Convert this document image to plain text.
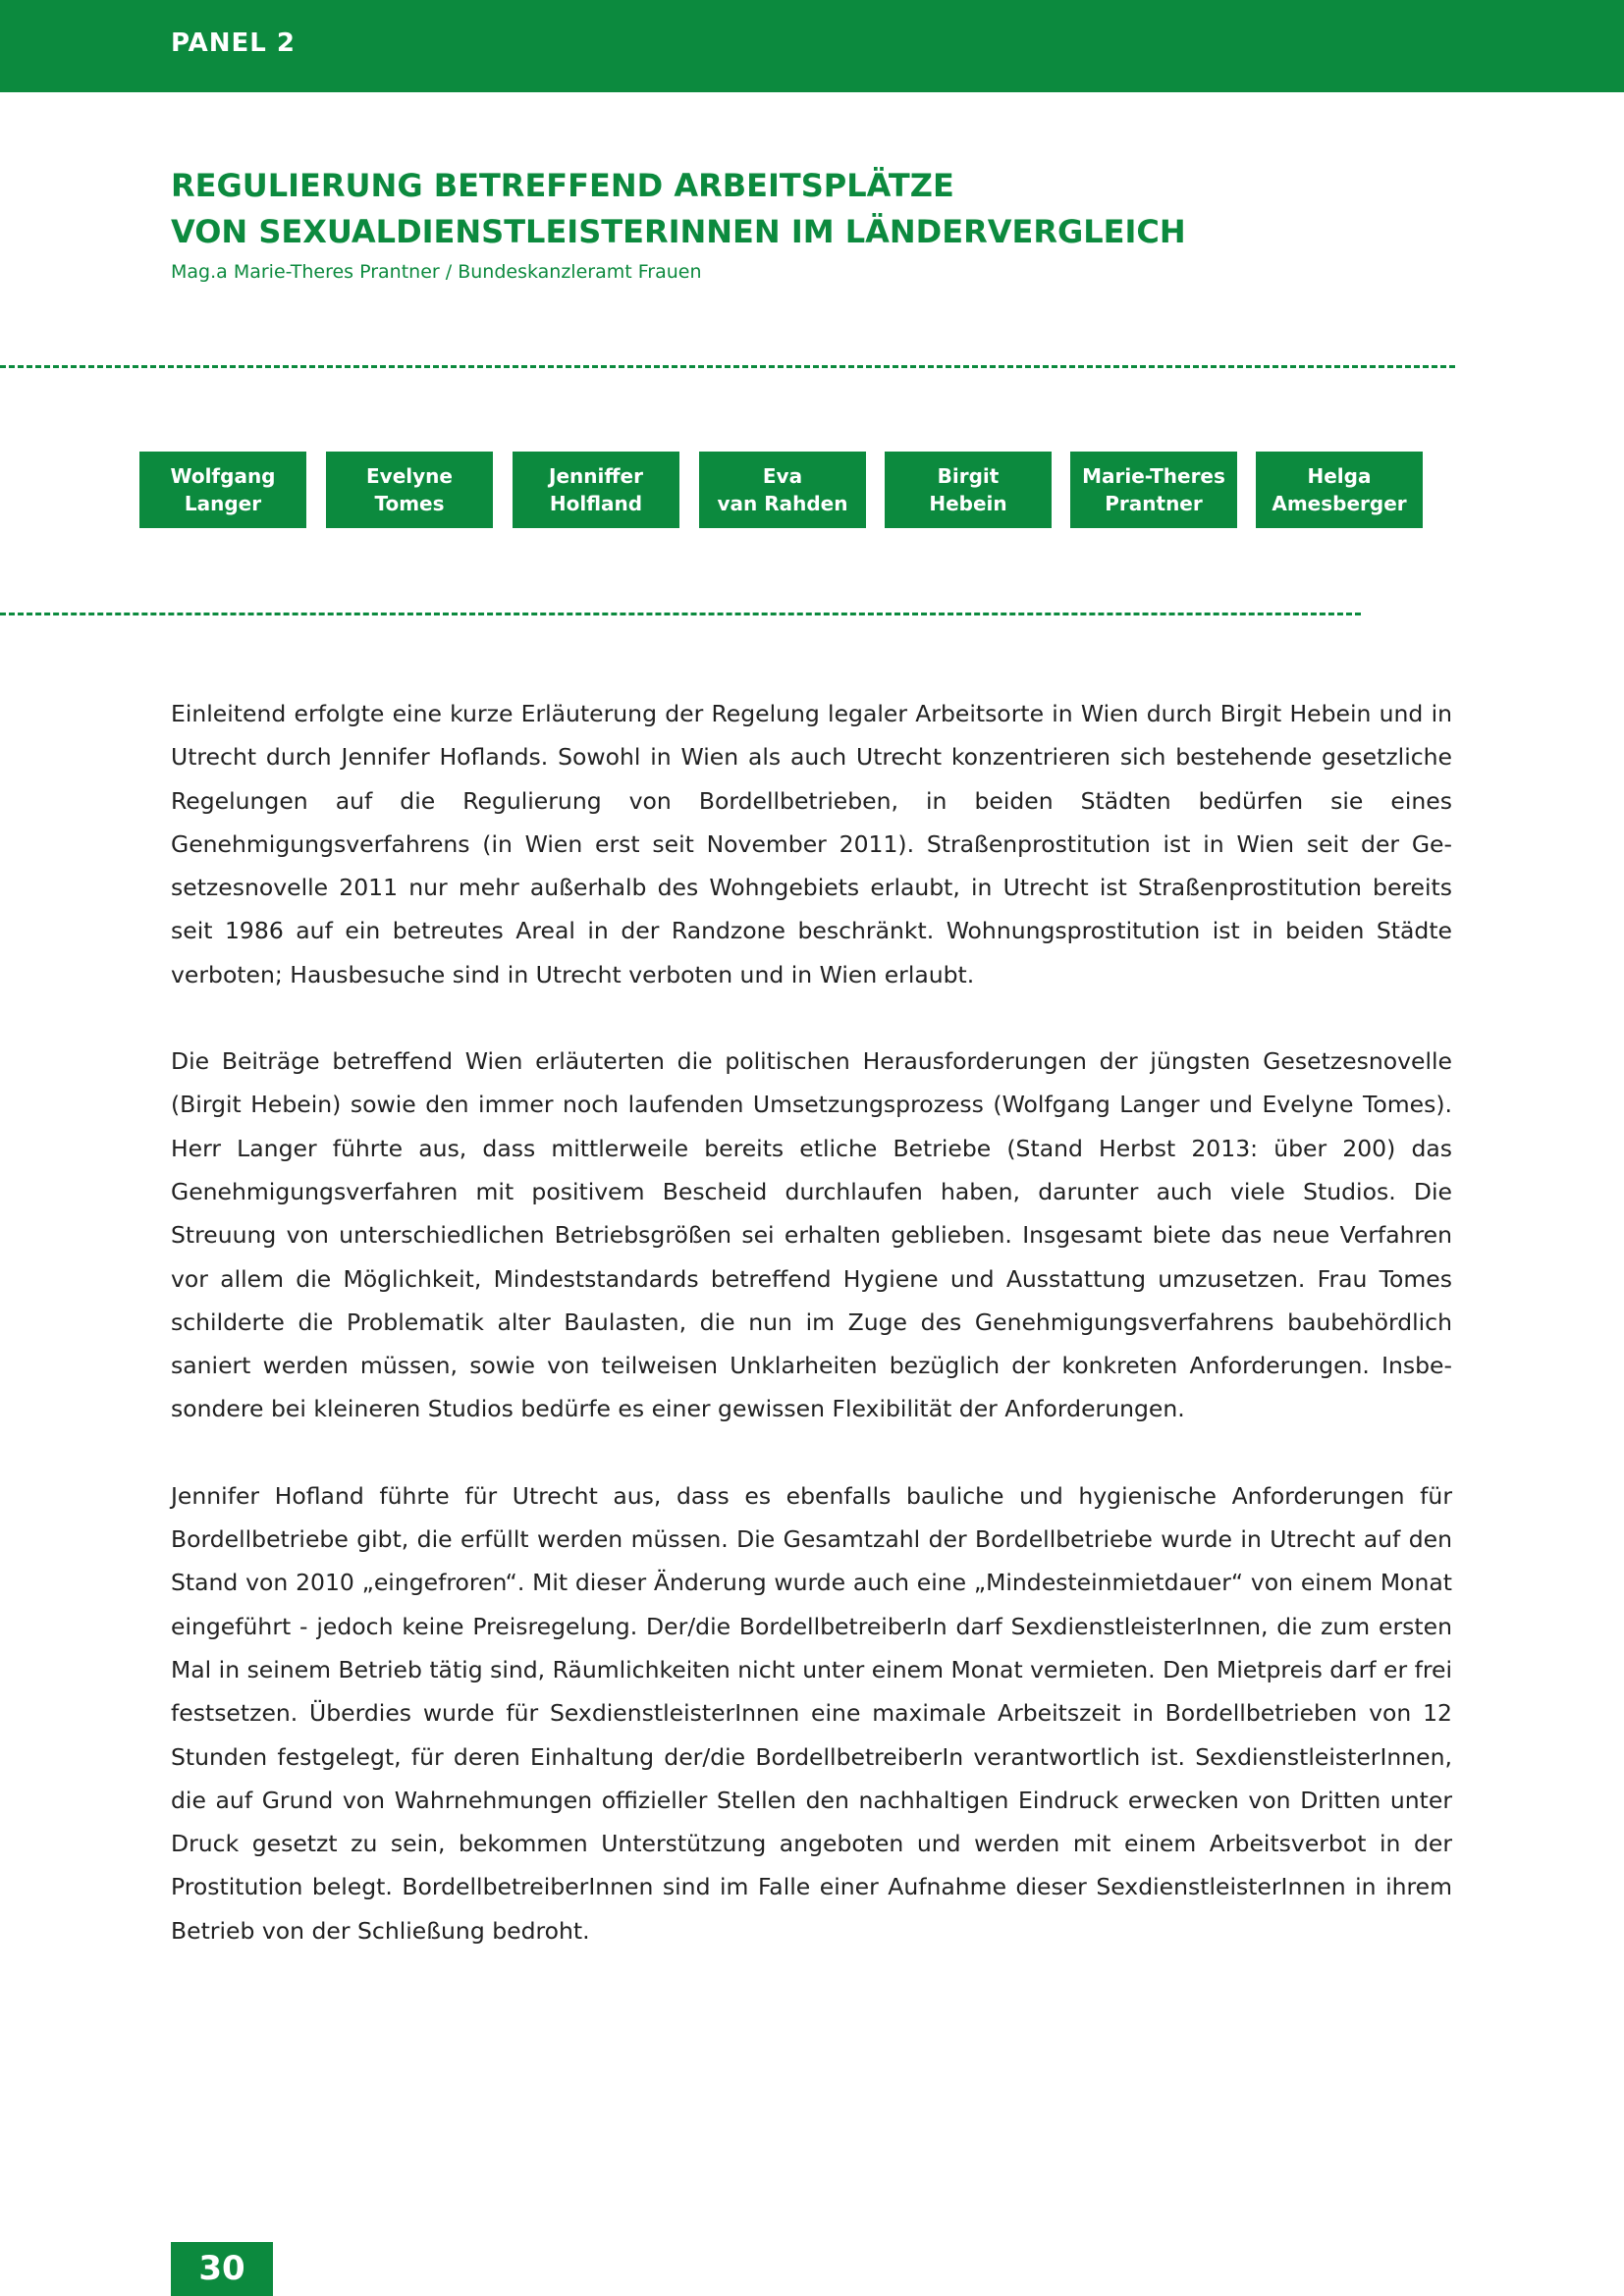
PANEL 2
REGULIERUNG BETREFFEND ARBEITSPLÄTZE
VON SEXUALDIENSTLEISTERINNEN IM LÄNDERVERGLEICH
Mag.a Marie-Theres Prantner / Bundeskanzleramt Frauen
Wolfgang
Langer
Evelyne
Tomes
Jenniffer
Holfland
Eva
van Rahden
Birgit
Hebein
Marie-Theres
Prantner
Helga
Amesberger

Einleitend erfolgte eine kurze Erläuterung der Regelung legaler Arbeitsorte in Wien durch Birgit Hebein und in Utrecht durch Jennifer Hoflands. Sowohl in Wien als auch Utrecht konzentrieren sich bestehende gesetzliche Regelungen auf die Regulierung von Bordellbetrieben, in beiden Städten bedürfen sie eines Genehmigungsverfahrens (in Wien erst seit November 2011). Straßenprostitution ist in Wien seit der Gesetzesnovelle 2011 nur mehr außerhalb des Wohngebiets erlaubt, in Utrecht ist Straßenprostitution bereits seit 1986 auf ein betreutes Areal in der Randzone beschränkt. Wohnungsprostitution ist in beiden Städte verboten; Hausbesuche sind in Utrecht verboten und in Wien erlaubt.

Die Beiträge betreffend Wien erläuterten die politischen Herausforderungen der jüngsten Gesetzesnovelle (Birgit Hebein) sowie den immer noch laufenden Umsetzungsprozess (Wolfgang Langer und Evelyne Tomes). Herr Langer führte aus, dass mittlerweile bereits etliche Betriebe (Stand Herbst 2013: über 200) das Genehmigungsverfahren mit positivem Bescheid durchlaufen haben, darunter auch viele Studios. Die Streuung von unterschiedlichen Betriebsgrößen sei erhalten geblieben. Insgesamt biete das neue Verfahren vor allem die Möglichkeit, Mindeststandards betreffend Hygiene und Ausstattung umzusetzen. Frau Tomes schilderte die Problematik alter Baulasten, die nun im Zuge des Genehmigungsverfahrens baubehördlich saniert werden müssen, sowie von teilweisen Unklarheiten bezüglich der konkreten Anforderungen. Insbesondere bei kleineren Studios bedürfe es einer gewissen Flexibilität der Anforderungen.

Jennifer Hofland führte für Utrecht aus, dass es ebenfalls bauliche und hygienische Anforderungen für Bordellbetriebe gibt, die erfüllt werden müssen. Die Gesamtzahl der Bordellbetriebe wurde in Utrecht auf den Stand von 2010 „eingefroren“. Mit dieser Änderung wurde auch eine „Mindesteinmietdauer“ von einem Monat eingeführt - jedoch keine Preisregelung. Der/die BordellbetreiberIn darf SexdienstleisterInnen, die zum ersten Mal in seinem Betrieb tätig sind, Räumlichkeiten nicht unter einem Monat vermieten. Den Mietpreis darf er frei festsetzen. Überdies wurde für SexdienstleisterInnen eine maximale Arbeitszeit in Bordellbetrieben von 12 Stunden festgelegt, für deren Einhaltung der/die BordellbetreiberIn verantwortlich ist. SexdienstleisterInnen, die auf Grund von Wahrnehmungen offizieller Stellen den nachhaltigen Eindruck erwecken von Dritten unter Druck gesetzt zu sein, bekommen Unterstützung angeboten und werden mit einem Arbeitsverbot in der Prostitution belegt. BordellbetreiberInnen sind im Falle einer Aufnahme dieser SexdienstleisterInnen in ihrem Betrieb von der Schließung bedroht.

30
